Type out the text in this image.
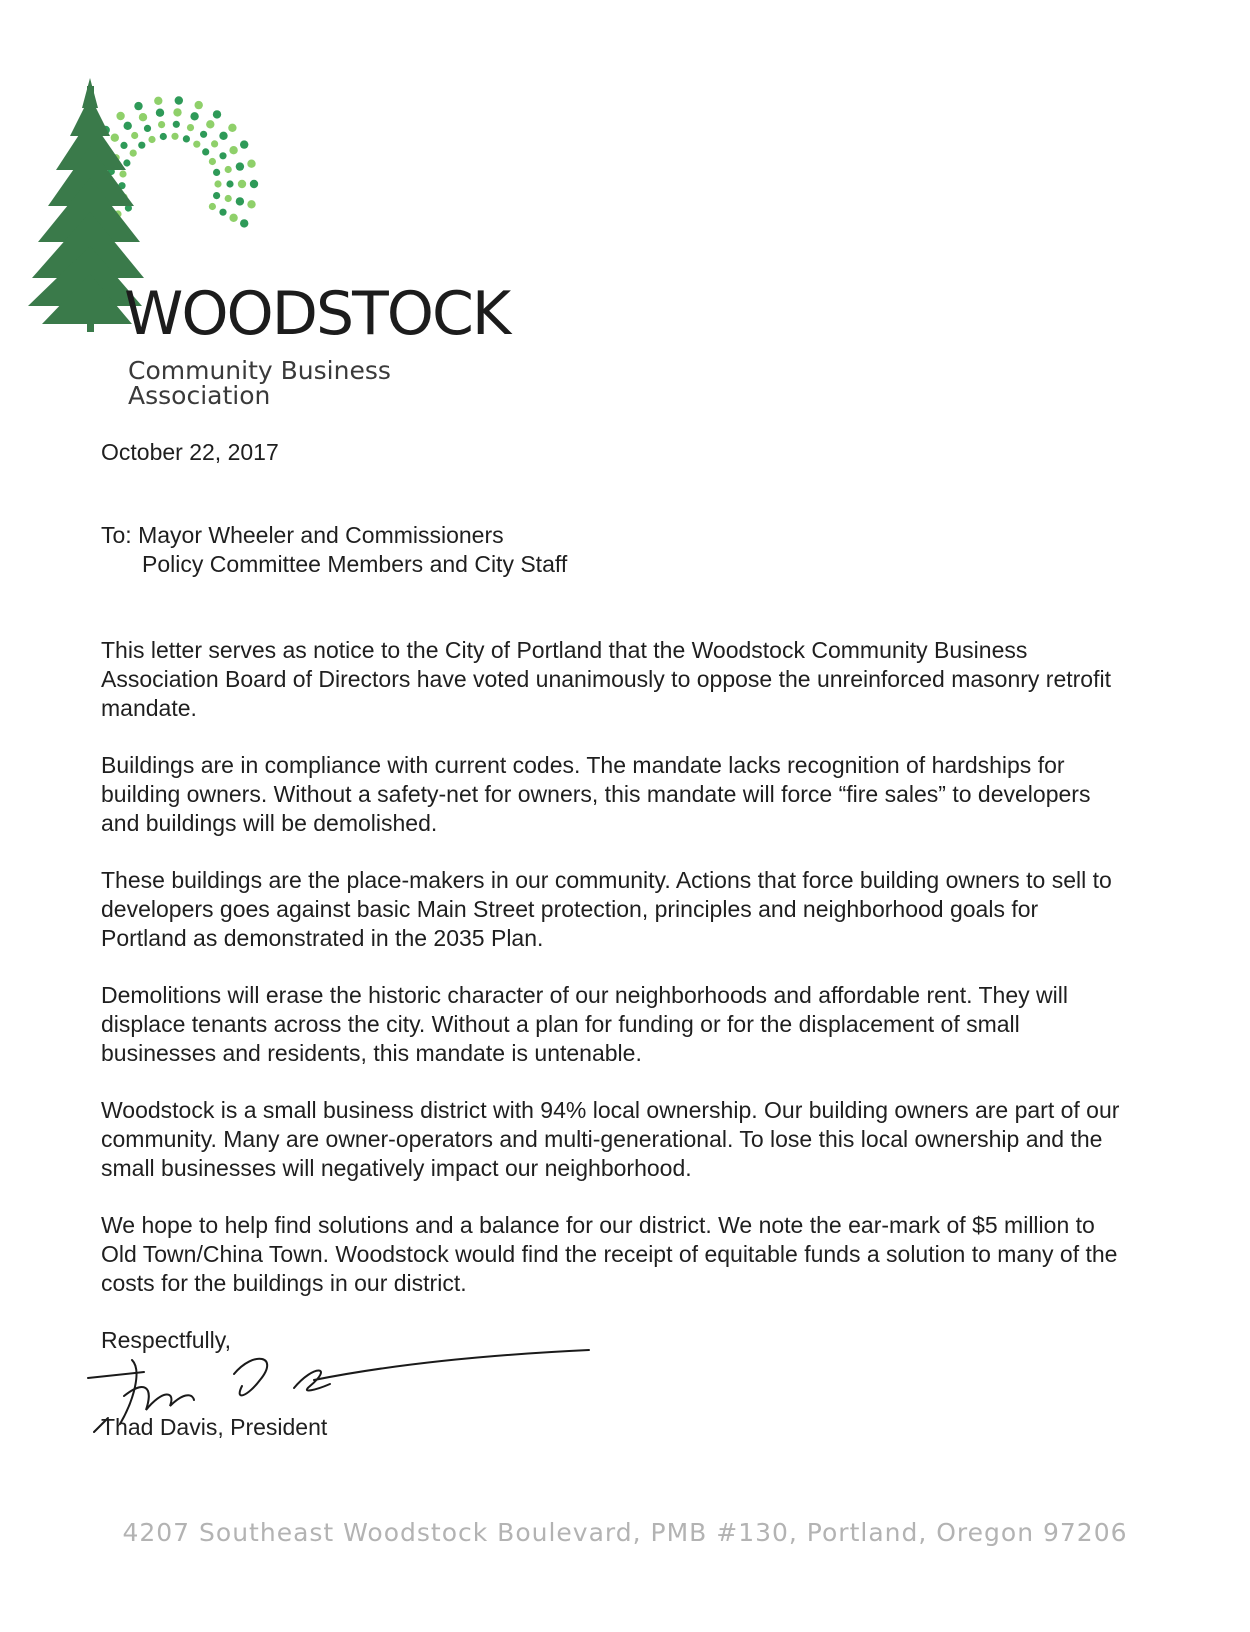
WOODSTOCK
Community Business Association
October 22, 2017
To: Mayor Wheeler and Commissioners
Policy Committee Members and City Staff

This letter serves as notice to the City of Portland that the Woodstock Community Business Association Board of Directors have voted unanimously to oppose the unreinforced masonry retrofit mandate.

Buildings are in compliance with current codes. The mandate lacks recognition of hardships for building owners. Without a safety-net for owners, this mandate will force “fire sales” to developers and buildings will be demolished.

These buildings are the place-makers in our community. Actions that force building owners to sell to developers goes against basic Main Street protection, principles and neighborhood goals for Portland as demonstrated in the 2035 Plan.

Demolitions will erase the historic character of our neighborhoods and affordable rent. They will displace tenants across the city. Without a plan for funding or for the displacement of small businesses and residents, this mandate is untenable.

Woodstock is a small business district with 94% local ownership. Our building owners are part of our community. Many are owner-operators and multi-generational. To lose this local ownership and the small businesses will negatively impact our neighborhood.

We hope to help find solutions and a balance for our district. We note the ear-mark of $5 million to Old Town/China Town. Woodstock would find the receipt of equitable funds a solution to many of the costs for the buildings in our district.

Respectfully,
Thad Davis, President
4207 Southeast Woodstock Boulevard, PMB #130, Portland, Oregon 97206
